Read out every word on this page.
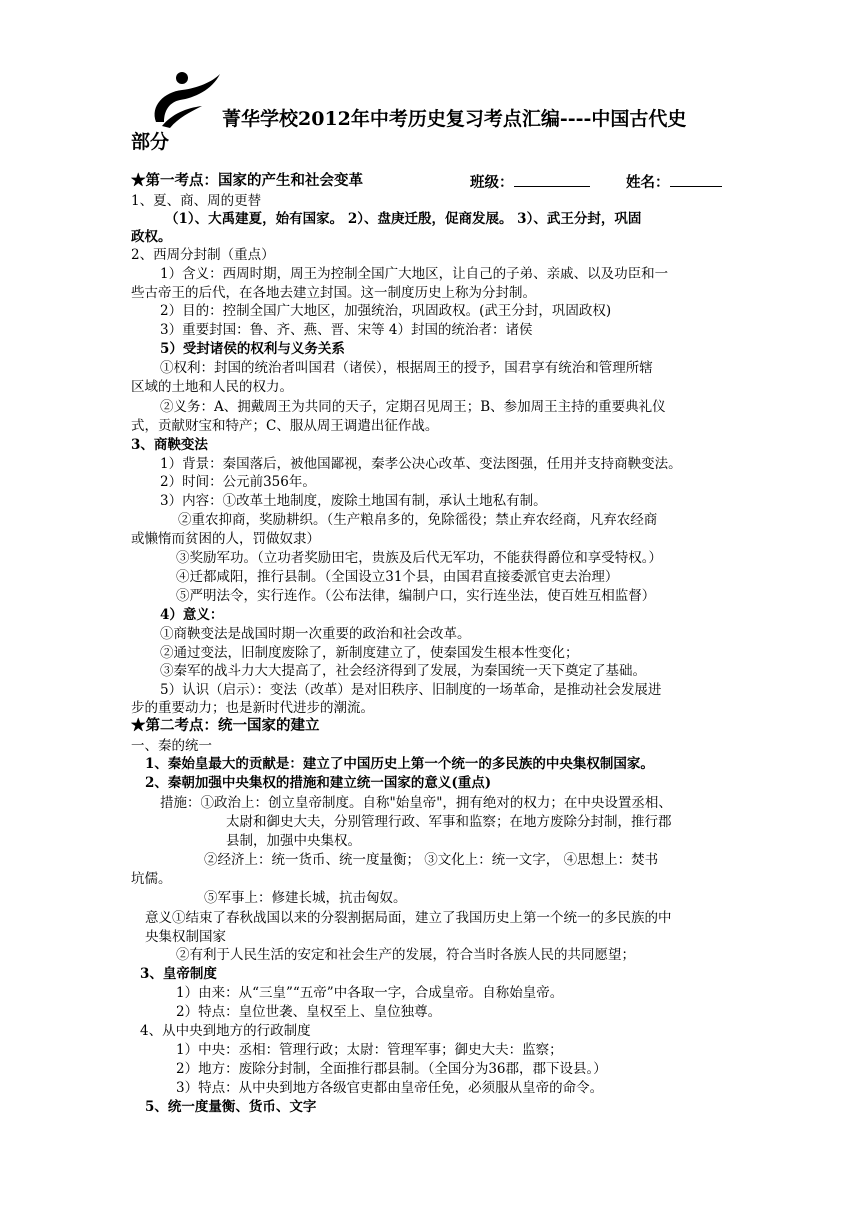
菁华学校2012年中考历史复习考点汇编----中国古代史
部分
★第一考点：国家的产生和社会变革	班级：	姓名：
1、夏、商、周的更替
（1）、大禹建夏，始有国家。 2）、盘庚迁殷，促商发展。 3）、武王分封，巩固
政权。
2、西周分封制（重点）
1）含义：西周时期，周王为控制全国广大地区，让自己的子弟、亲戚、以及功臣和一
些古帝王的后代，在各地去建立封国。这一制度历史上称为分封制。
2）目的：控制全国广大地区，加强统治，巩固政权。(武王分封，巩固政权)
3）重要封国：鲁、齐、燕、晋、宋等 4）封国的统治者：诸侯
5）受封诸侯的权利与义务关系
①权利：封国的统治者叫国君（诸侯），根据周王的授予，国君享有统治和管理所辖
区域的土地和人民的权力。
②义务：A、拥戴周王为共同的天子，定期召见周王；B、参加周王主持的重要典礼仪
式，贡献财宝和特产；C、服从周王调遣出征作战。
3、商鞅变法
1）背景：秦国落后，被他国鄙视，秦孝公决心改革、变法图强，任用并支持商鞅变法。
2）时间：公元前356年。
3）内容：①改革土地制度，废除土地国有制，承认土地私有制。
②重农抑商，奖励耕织。（生产粮帛多的，免除徭役；禁止弃农经商，凡弃农经商
或懒惰而贫困的人，罚做奴隶）
③奖励军功。（立功者奖励田宅，贵族及后代无军功，不能获得爵位和享受特权。）
④迁都咸阳，推行县制。（全国设立31个县，由国君直接委派官吏去治理）
⑤严明法令，实行连作。（公布法律，编制户口，实行连坐法，使百姓互相监督）
4）意义：
①商鞅变法是战国时期一次重要的政治和社会改革。
②通过变法，旧制度废除了，新制度建立了，使秦国发生根本性变化；
③秦军的战斗力大大提高了，社会经济得到了发展，为秦国统一天下奠定了基础。
5）认识（启示）：变法（改革）是对旧秩序、旧制度的一场革命，是推动社会发展进
步的重要动力；也是新时代进步的潮流。
★第二考点：统一国家的建立
一、秦的统一
1、秦始皇最大的贡献是：建立了中国历史上第一个统一的多民族的中央集权制国家。
2、秦朝加强中央集权的措施和建立统一国家的意义(重点)
措施：①政治上：创立皇帝制度。自称"始皇帝"，拥有绝对的权力；在中央设置丞相、
太尉和御史大夫，分别管理行政、军事和监察；在地方废除分封制，推行郡
县制，加强中央集权。
②经济上：统一货币、统一度量衡； ③文化上：统一文字， ④思想上：焚书
坑儒。
⑤军事上：修建长城，抗击匈奴。
意义①结束了春秋战国以来的分裂割据局面，建立了我国历史上第一个统一的多民族的中
央集权制国家
②有利于人民生活的安定和社会生产的发展，符合当时各族人民的共同愿望；
3、皇帝制度
1）由来：从“三皇”“五帝”中各取一字，合成皇帝。自称始皇帝。
2）特点：皇位世袭、皇权至上、皇位独尊。
4、从中央到地方的行政制度
1）中央：丞相：管理行政；太尉：管理军事；御史大夫：监察；
2）地方：废除分封制，全面推行郡县制。（全国分为36郡，郡下设县。）
3）特点：从中央到地方各级官吏都由皇帝任免，必须服从皇帝的命令。
5、统一度量衡、货币、文字
